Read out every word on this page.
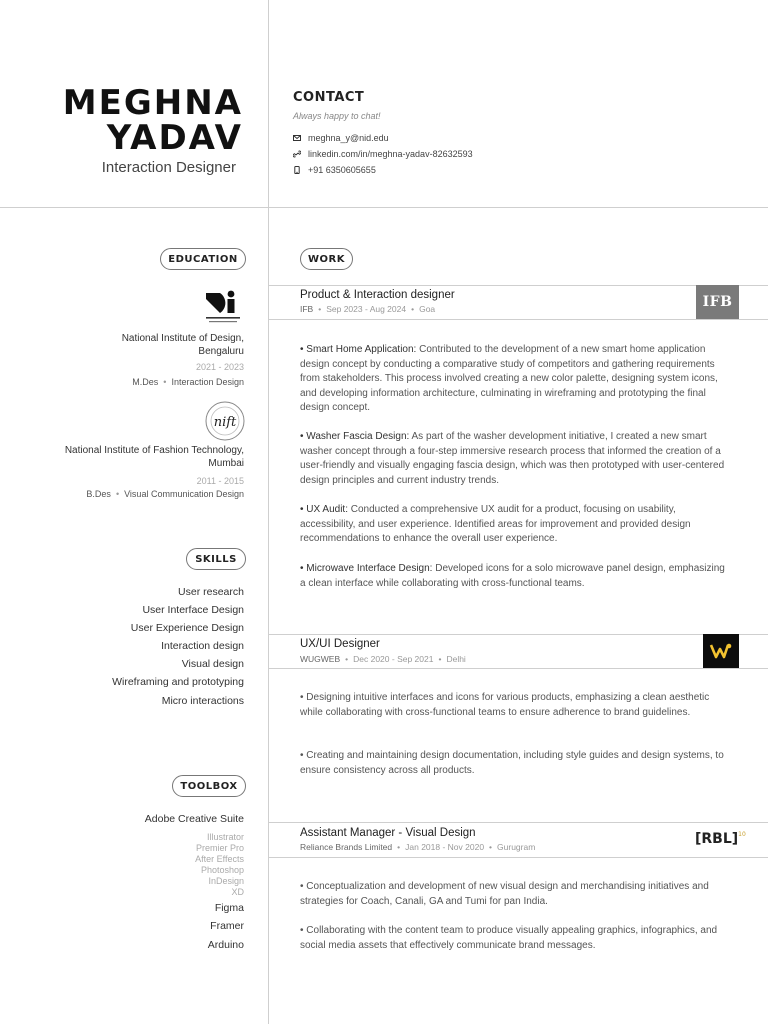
MEGHNA
YADAV
Interaction Designer
CONTACT
Always happy to chat!
meghna_y@nid.edu
linkedin.com/in/meghna-yadav-82632593
+91 6350605655
EDUCATION	WORK
SKILLS
TOOLBOX
National Institute of Design,
Bengaluru
2021 - 2023
M.Des • Interaction Design
nift
National Institute of Fashion Technology,
Mumbai
2011 - 2015
B.Des • Visual Communication Design
User research
User Interface Design
User Experience Design
Interaction design
Visual design
Wireframing and prototyping
Micro interactions
Adobe Creative Suite
Illustrator
Premier Pro
After Effects
Photoshop
InDesign
XD
Figma
Framer
Arduino
Product & Interaction designer
IFB • Sep 2023 - Aug 2024 • Goa	IFB
• Smart Home Application: Contributed to the development of a new smart home application design concept by conducting a comparative study of competitors and gathering requirements from stakeholders. This process involved creating a new color palette, designing system icons, and developing information architecture, culminating in wireframing and prototyping the final design concept.
• Washer Fascia Design: As part of the washer development initiative, I created a new smart washer concept through a four-step immersive research process that informed the creation of a user-friendly and visually engaging fascia design, which was then prototyped with user-centered design principles and current industry trends.
• UX Audit: Conducted a comprehensive UX audit for a product, focusing on usability, accessibility, and user experience. Identified areas for improvement and provided design recommendations to enhance the overall user experience.
• Microwave Interface Design: Developed icons for a solo microwave panel design, emphasizing a clean interface while collaborating with cross-functional teams.
UX/UI Designer
WUGWEB • Dec 2020 - Sep 2021 • Delhi
• Designing intuitive interfaces and icons for various products, emphasizing a clean aesthetic while collaborating with cross-functional teams to ensure adherence to brand guidelines.
• Creating and maintaining design documentation, including style guides and design systems, to ensure consistency across all products.
Assistant Manager - Visual Design
Reliance Brands Limited • Jan 2018 - Nov 2020 • Gurugram	[RBL]$^{10}$
• Conceptualization and development of new visual design and merchandising initiatives and strategies for Coach, Canali, GA and Tumi for pan India.
• Collaborating with the content team to produce visually appealing graphics, infographics, and social media assets that effectively communicate brand messages.
